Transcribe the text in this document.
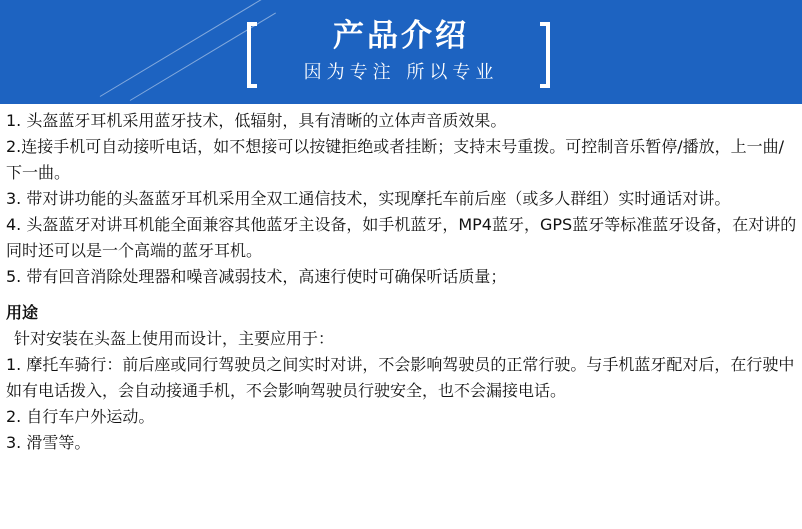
产品介绍
因为专注 所以专业

1. 头盔蓝牙耳机采用蓝牙技术，低辐射，具有清晰的立体声音质效果。

2.连接手机可自动接听电话，如不想接可以按键拒绝或者挂断；支持末号重拨。可控制音乐暂停/播放，上一曲/下一曲。

3. 带对讲功能的头盔蓝牙耳机采用全双工通信技术，实现摩托车前后座（或多人群组）实时通话对讲。

4. 头盔蓝牙对讲耳机能全面兼容其他蓝牙主设备，如手机蓝牙，MP4蓝牙，GPS蓝牙等标准蓝牙设备，在对讲的同时还可以是一个高端的蓝牙耳机。

5. 带有回音消除处理器和噪音减弱技术，高速行使时可确保听话质量；

用途

针对安装在头盔上使用而设计，主要应用于：

1. 摩托车骑行：前后座或同行驾驶员之间实时对讲，不会影响驾驶员的正常行驶。与手机蓝牙配对后，在行驶中如有电话拨入，会自动接通手机，不会影响驾驶员行驶安全，也不会漏接电话。

2. 自行车户外运动。

3. 滑雪等。
